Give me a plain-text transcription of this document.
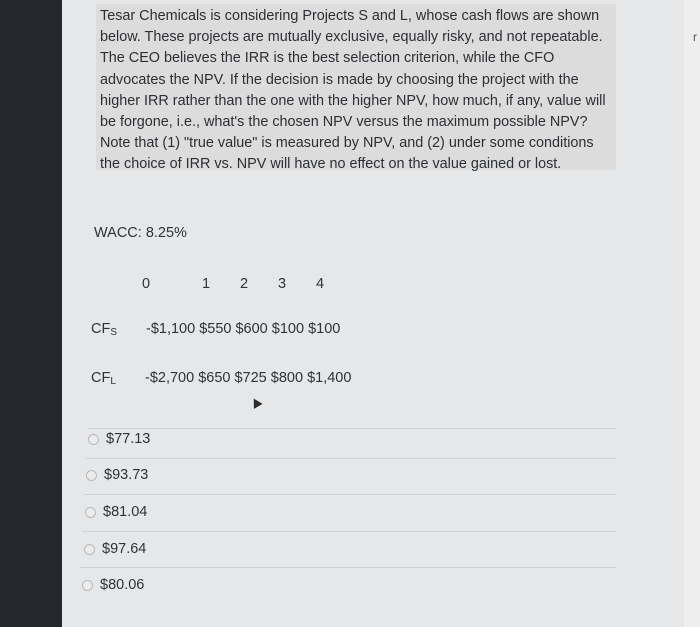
r
Tesar Chemicals is considering Projects S and L, whose cash flows are shown below. These projects are mutually exclusive, equally risky, and not repeatable. The CEO believes the IRR is the best selection criterion, while the CFO advocates the NPV. If the decision is made by choosing the project with the higher IRR rather than the one with the higher NPV, how much, if any, value will be forgone, i.e., what's the chosen NPV versus the maximum possible NPV? Note that (1) "true value" is measured by NPV, and (2) under some conditions the choice of IRR vs. NPV will have no effect on the value gained or lost.
WACC: 8.25%
0	1 2 3 4
CFS -$1,100 $550 $600 $100 $100
CFL -$2,700 $650 $725 $800 $1,400
$77.13
$93.73
$81.04
$97.64
$80.06
